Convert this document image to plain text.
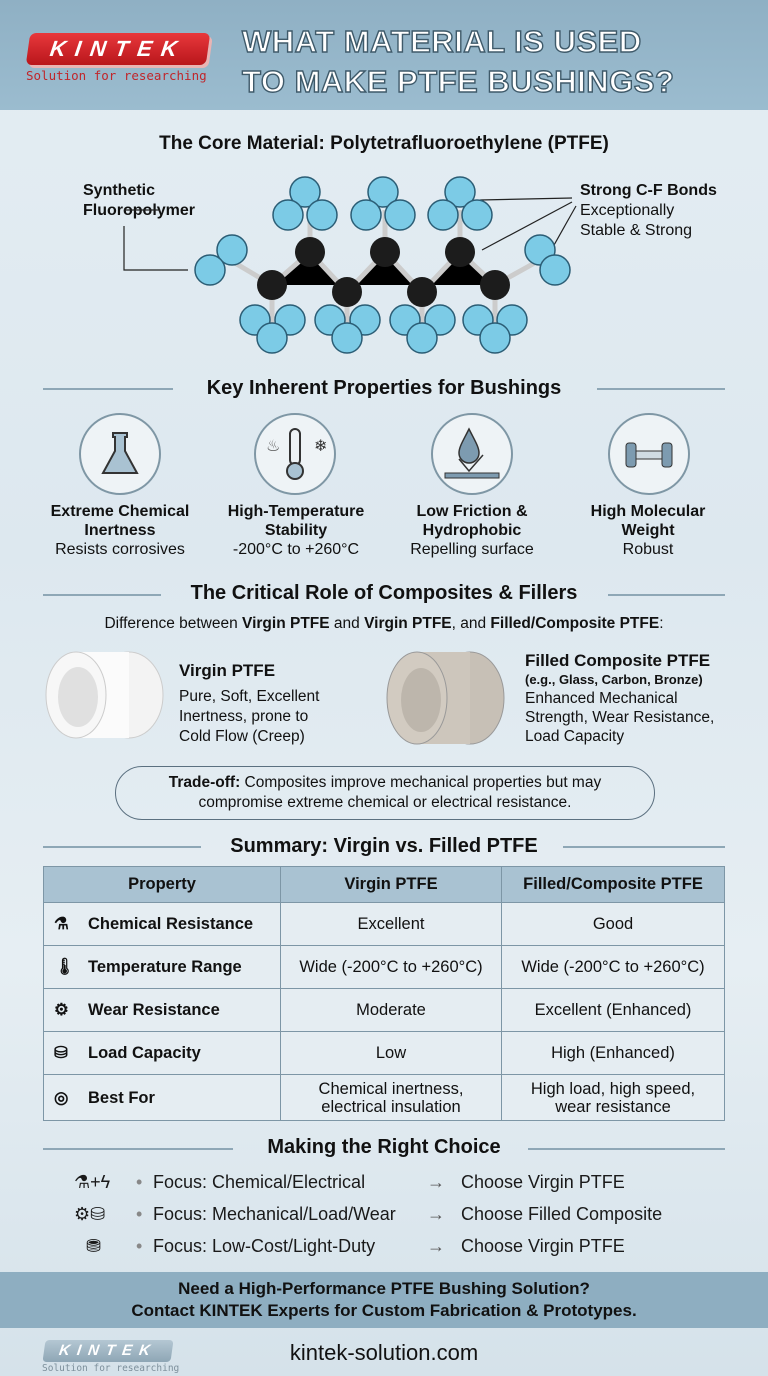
KINTEK
Solution for researching
WHAT MATERIAL IS USED
TO MAKE PTFE BUSHINGS?
The Core Material: Polytetrafluoroethylene (PTFE)
Synthetic
Fluoropolymer
Strong C-F Bonds
Exceptionally
Stable & Strong
Key Inherent Properties for Bushings
❄
♨
Extreme Chemical
Inertness
Resists corrosives
High-Temperature
Stability
-200°C to +260°C
Low Friction &
Hydrophobic
Repelling surface
High Molecular
Weight
Robust
The Critical Role of Composites & Fillers
Difference between Virgin PTFE and Virgin PTFE, and Filled/Composite PTFE:
Virgin PTFE
Pure, Soft, Excellent
Inertness, prone to
Cold Flow (Creep)
Filled Composite PTFE
(e.g., Glass, Carbon, Bronze)
Enhanced Mechanical
Strength, Wear Resistance,
Load Capacity
Trade-off: Composites improve mechanical properties but may
compromise extreme chemical or electrical resistance.
Summary: Virgin vs. Filled PTFE
Property	Virgin PTFE	Filled/Composite PTFE
⚗ Chemical Resistance	Excellent	Good
🌡 Temperature Range	Wide (-200°C to +260°C)	Wide (-200°C to +260°C)
⚙ Wear Resistance	Moderate	Excellent (Enhanced)
⛁ Load Capacity	Low	High (Enhanced)
◎ Best For	Chemical inertness, electrical insulation	High load, high speed, wear resistance
Making the Right Choice
⚗+ϟ • Focus: Chemical/Electrical	→ Choose Virgin PTFE
⚙⛁ • Focus: Mechanical/Load/Wear → Choose Filled Composite
⛃ • Focus: Low-Cost/Light-Duty	→ Choose Virgin PTFE
Need a High-Performance PTFE Bushing Solution?
Contact KINTEK Experts for Custom Fabrication & Prototypes.
KINTEK
Solution for researching
kintek-solution.com
